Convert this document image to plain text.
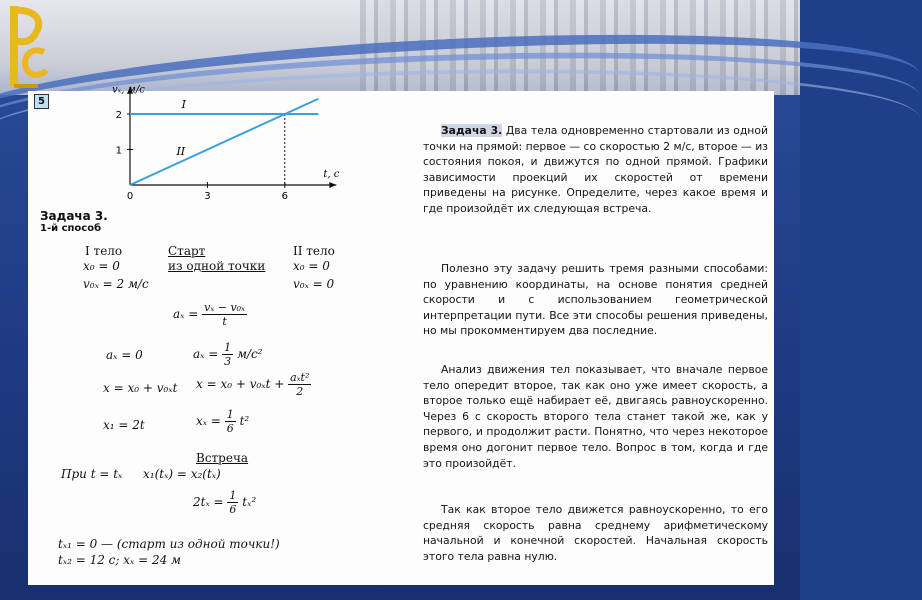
5
0	3	6
1
2
vₓ, м/с
t, с
I
II
Задача 3.
1-й способ
I тело	Старт
из одной точки
II тело
x₀ = 0
v₀ₓ = 2 м/с
x₀ = 0
v₀ₓ = 0
$a_x = \frac{\text{vₓ − v₀ₓ}}{t}$
aₓ = 0	$a_x = \frac{1}{3} м/с^2$
x = x₀ + v₀ₓt $x = x_0 + v_{0x}t + \frac{\text{aₓt²}}{2}$
x₁ = 2t	$x_x = \frac{1}{6} t^2$
Встреча
При t = tₓ x₁(tₓ) = x₂(tₓ)
$2t_x = \frac{1}{6} t_x^2$
tₓ₁ = 0 — (старт из одной точки!)
tₓ₂ = 12 с; xₓ = 24 м
Задача 3. Два тела одновременно стартовали из одной точки на прямой: первое — со скоростью 2 м/с, второе — из состояния покоя, и движутся по одной прямой. Графики зависимости проекций их скоростей от времени приведены на рисунке. Определите, через какое время и где произойдёт их следующая встреча.
Полезно эту задачу решить тремя разными способами: по уравнению координаты, на основе понятия средней скорости и с использованием геометрической интерпретации пути. Все эти способы решения приведены, но мы прокомментируем два последние.
Анализ движения тел показывает, что вначале первое тело опередит второе, так как оно уже имеет скорость, а второе только ещё набирает её, двигаясь равноускоренно. Через 6 с скорость второго тела станет такой же, как у первого, и продолжит расти. Понятно, что через некоторое время оно догонит первое тело. Вопрос в том, когда и где это произойдёт.
Так как второе тело движется равноускоренно, то его средняя скорость равна среднему арифметическому начальной и конечной скоростей. Начальная скорость этого тела равна нулю.
